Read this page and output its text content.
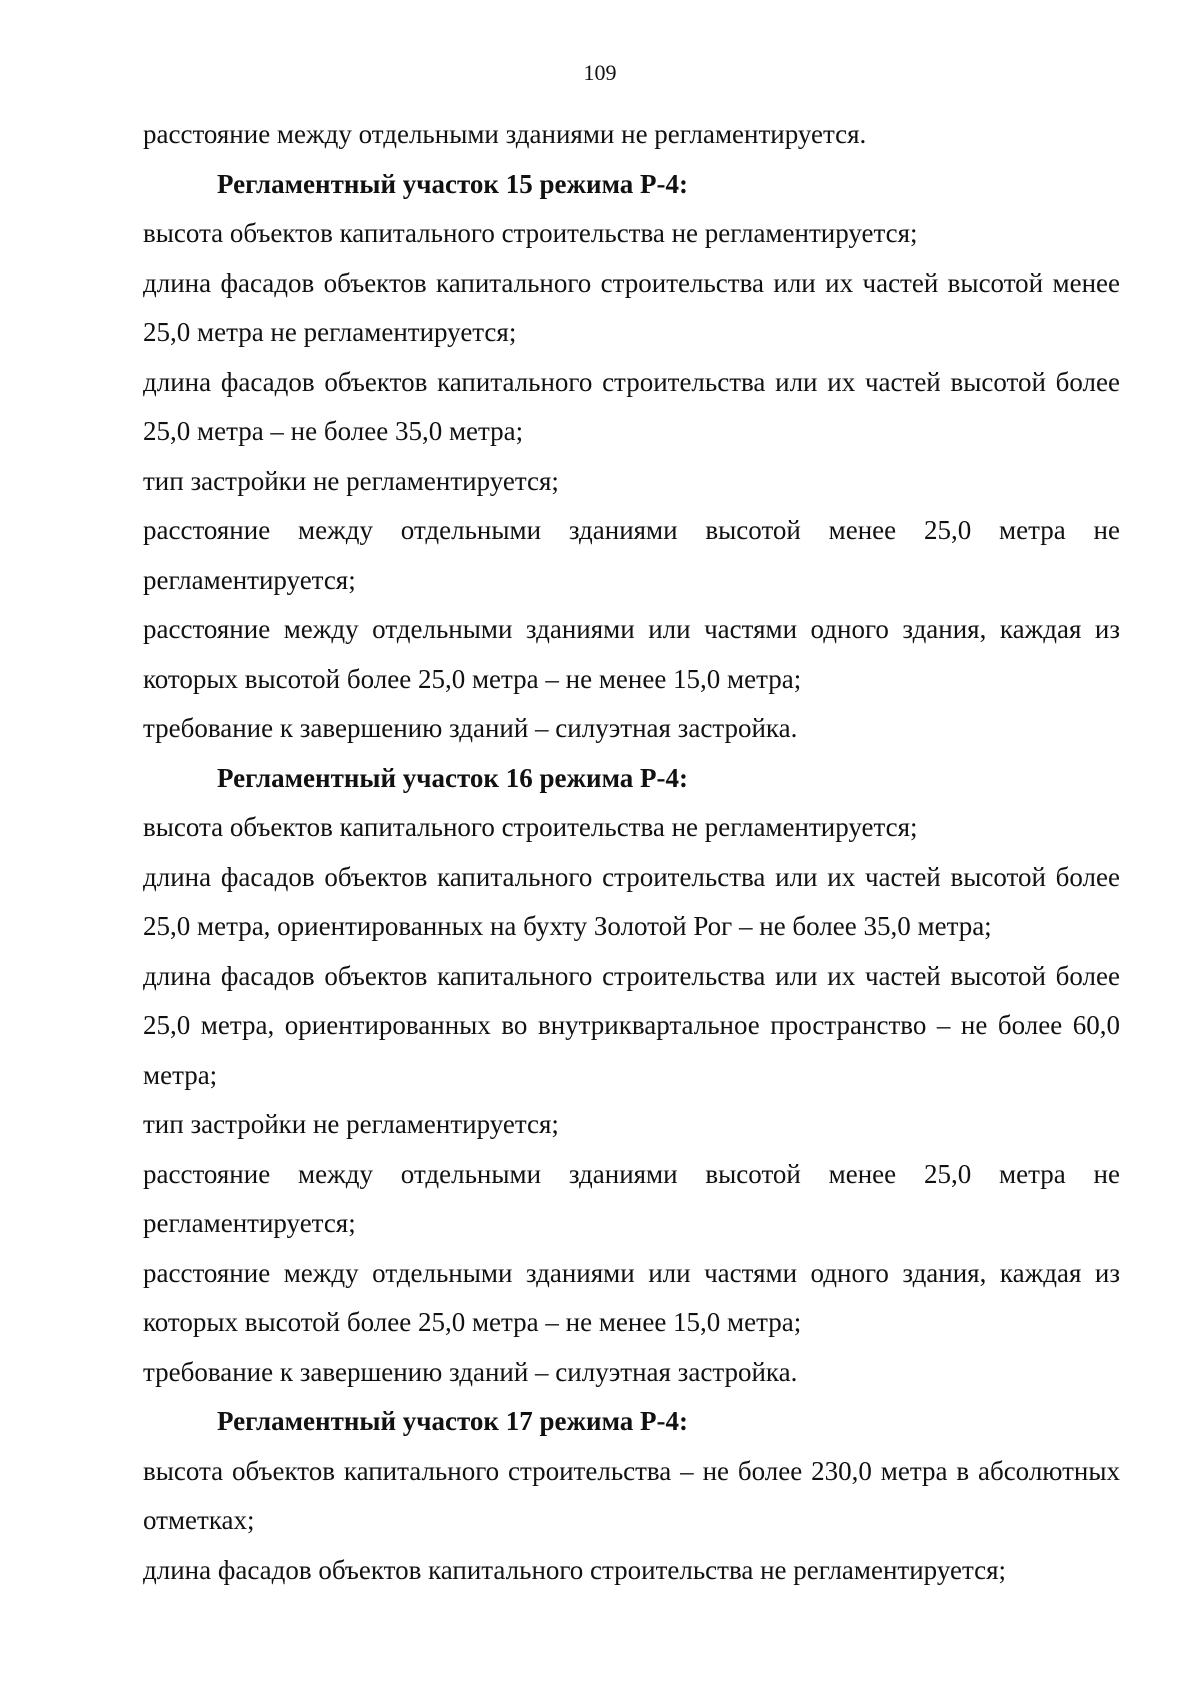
109

расстояние между отдельными зданиями не регламентируется.

Регламентный участок 15 режима Р-4:

высота объектов капитального строительства не регламентируется;

длина фасадов объектов капитального строительства или их частей высотой менее 25,0 метра не регламентируется;

длина фасадов объектов капитального строительства или их частей высотой более 25,0 метра – не более 35,0 метра;

тип застройки не регламентируется;

расстояние между отдельными зданиями высотой менее 25,0 метра не регламентируется;

расстояние между отдельными зданиями или частями одного здания, каждая из которых высотой более 25,0 метра – не менее 15,0 метра;

требование к завершению зданий – силуэтная застройка.

Регламентный участок 16 режима Р-4:

высота объектов капитального строительства не регламентируется;

длина фасадов объектов капитального строительства или их частей высотой более 25,0 метра, ориентированных на бухту Золотой Рог – не более 35,0 метра;

длина фасадов объектов капитального строительства или их частей высотой более 25,0 метра, ориентированных во внутриквартальное пространство – не более 60,0 метра;

тип застройки не регламентируется;

расстояние между отдельными зданиями высотой менее 25,0 метра не регламентируется;

расстояние между отдельными зданиями или частями одного здания, каждая из которых высотой более 25,0 метра – не менее 15,0 метра;

требование к завершению зданий – силуэтная застройка.

Регламентный участок 17 режима Р-4:

высота объектов капитального строительства – не более 230,0 метра в абсолютных отметках;

длина фасадов объектов капитального строительства не регламентируется;
